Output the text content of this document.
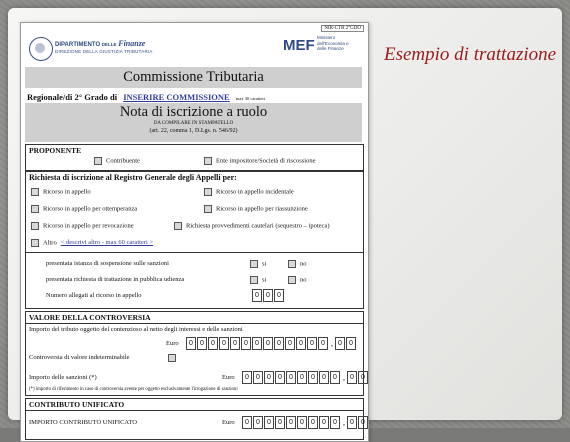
Esempio di trattazione
NIR-CTR 2°GDO
DIPARTIMENTO DELLE Finanze
DIREZIONE DELLA GIUSTIZIA TRIBUTARIA	MEF Ministero dell'Economia e delle Finanze
Commissione Tributaria
Regionale/di 2° Grado di INSERIRE COMMISSIONE max 30 caratteri
Nota di iscrizione a ruolo
DA COMPILARE IN STAMPATELLO
(art. 22, comma 1, D.Lgs. n. 546/92)
PROPONENTE
Contribuente	Ente impositore/Società di riscossione
Richiesta di iscrizione al Registro Generale degli Appelli per:
Ricorso in appello	Ricorso in appello incidentale
Ricorso in appello per ottemperanza	Ricorso in appello per riassunzione
Ricorso in appello per revocazione	Richiesta provvedimenti cautelari (sequestro – ipoteca)
Altro < descrivi altro - max 60 caratteri >
presentata istanza di sospensione sulle sanzioni	si	no
presentata richiesta di trattazione in pubblica udienza	si	no
Numero allegati al ricorso in appello	0 0 0
VALORE DELLA CONTROVERSIA
Importo del tributo oggetto del contenzioso al netto degli interessi e delle sanzioni
Euro	0 0 0 0 0 0 0 0 0 0 0 0 0 , 0 0
Controversia di valore indeterminabile
Importo delle sanzioni (*)	Euro	0 0 0 0 0 0 0 0 0 , 0 0
(*) importo di riferimento in caso di controversia avente per oggetto esclusivamente l'irrogazione di sanzioni
CONTRIBUTO UNIFICATO
IMPORTO CONTRIBUTO UNIFICATO	Euro	0 0 0 0 0 0 0 0 0 , 0 0
